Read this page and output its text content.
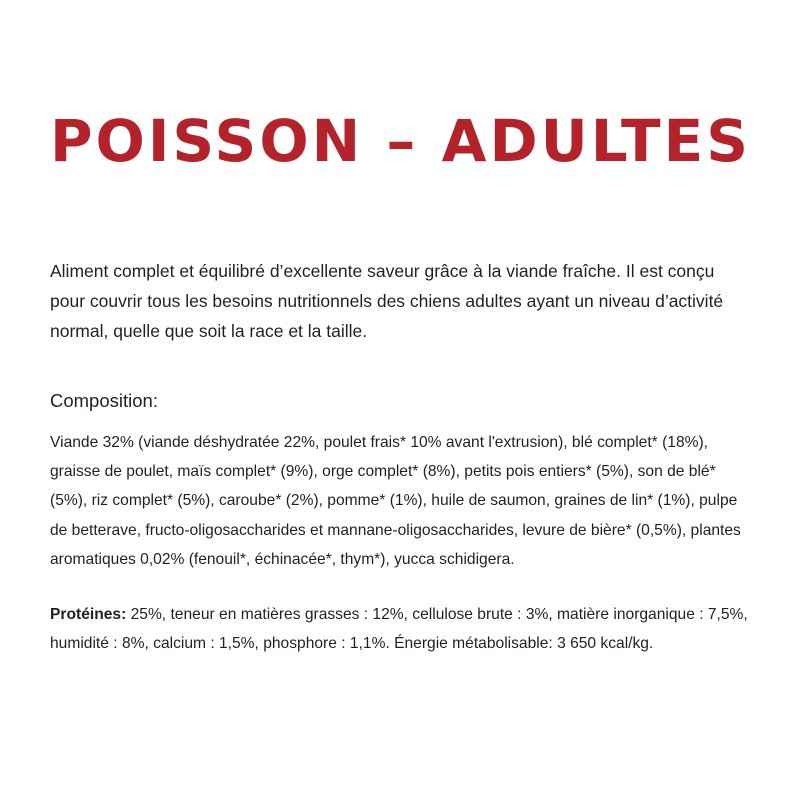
POISSON – ADULTES

Aliment complet et équilibré d’excellente saveur grâce à la viande fraîche. Il est conçu pour couvrir tous les besoins nutritionnels des chiens adultes ayant un niveau d’activité normal, quelle que soit la race et la taille.

Composition:

Viande 32% (viande déshydratée 22%, poulet frais* 10% avant l'extrusion), blé complet* (18%), graisse de poulet, maïs complet* (9%), orge complet* (8%), petits pois entiers* (5%), son de blé* (5%), riz complet* (5%), caroube* (2%), pomme* (1%), huile de saumon, graines de lin* (1%), pulpe de betterave, fructo-oligosaccharides et mannane-oligosaccharides, levure de bière* (0,5%), plantes aromatiques 0,02% (fenouil*, échinacée*, thym*), yucca schidigera.

Protéines: 25%, teneur en matières grasses : 12%, cellulose brute : 3%, matière inorganique : 7,5%, humidité : 8%, calcium : 1,5%, phosphore : 1,1%. Énergie métabolisable: 3 650 kcal/kg.
